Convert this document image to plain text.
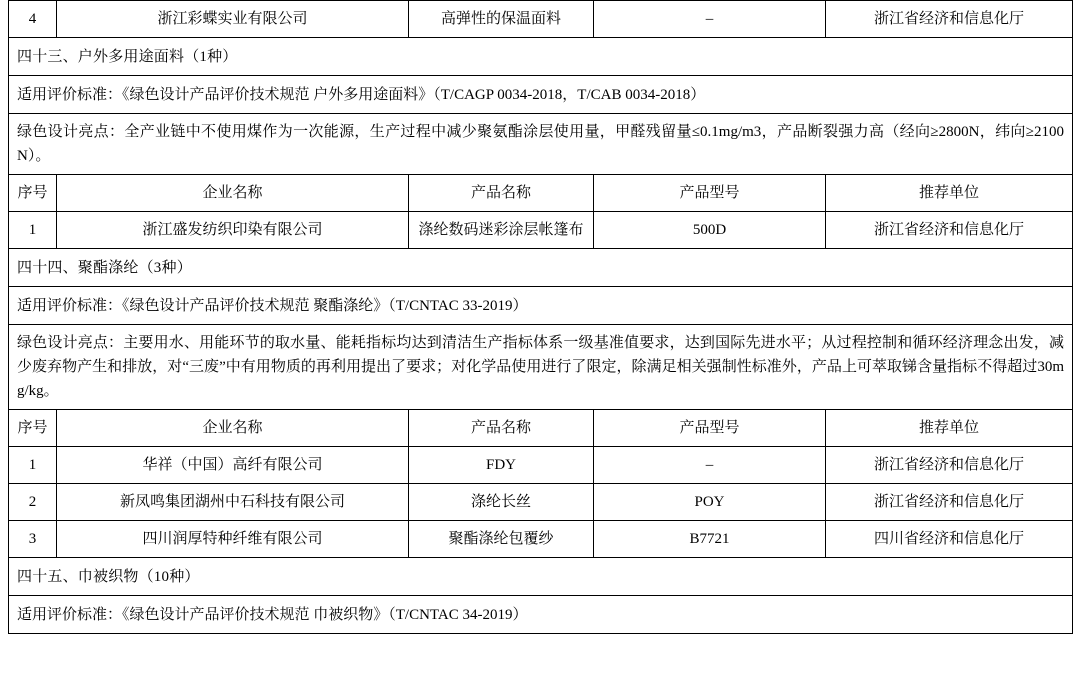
4	浙江彩蝶实业有限公司	高弹性的保温面料	–	浙江省经济和信息化厅
四十三、户外多用途面料（1种）				
适用评价标准：《绿色设计产品评价技术规范 户外多用途面料》（T/CAGP 0034-2018，T/CAB 0034-2018）				
绿色设计亮点：全产业链中不使用煤作为一次能源，生产过程中减少聚氨酯涂层使用量，甲醛残留量≤0.1mg/m3，产品断裂强力高（经向≥2800N，纬向≥2100N）。				
序号	企业名称	产品名称	产品型号	推荐单位
1	浙江盛发纺织印染有限公司	涤纶数码迷彩涂层帐篷布	500D	浙江省经济和信息化厅
四十四、聚酯涤纶（3种）				
适用评价标准：《绿色设计产品评价技术规范 聚酯涤纶》（T/CNTAC 33-2019）				
绿色设计亮点：主要用水、用能环节的取水量、能耗指标均达到清洁生产指标体系一级基准值要求，达到国际先进水平；从过程控制和循环经济理念出发，减少废弃物产生和排放，对“三废”中有用物质的再利用提出了要求；对化学品使用进行了限定，除满足相关强制性标准外，产品上可萃取锑含量指标不得超过30mg/kg。				
序号	企业名称	产品名称	产品型号	推荐单位
1	华祥（中国）高纤有限公司	FDY	–	浙江省经济和信息化厅
2	新凤鸣集团湖州中石科技有限公司	涤纶长丝	POY	浙江省经济和信息化厅
3	四川润厚特种纤维有限公司	聚酯涤纶包覆纱	B7721	四川省经济和信息化厅
四十五、巾被织物（10种）				
适用评价标准：《绿色设计产品评价技术规范 巾被织物》（T/CNTAC 34-2019）				
